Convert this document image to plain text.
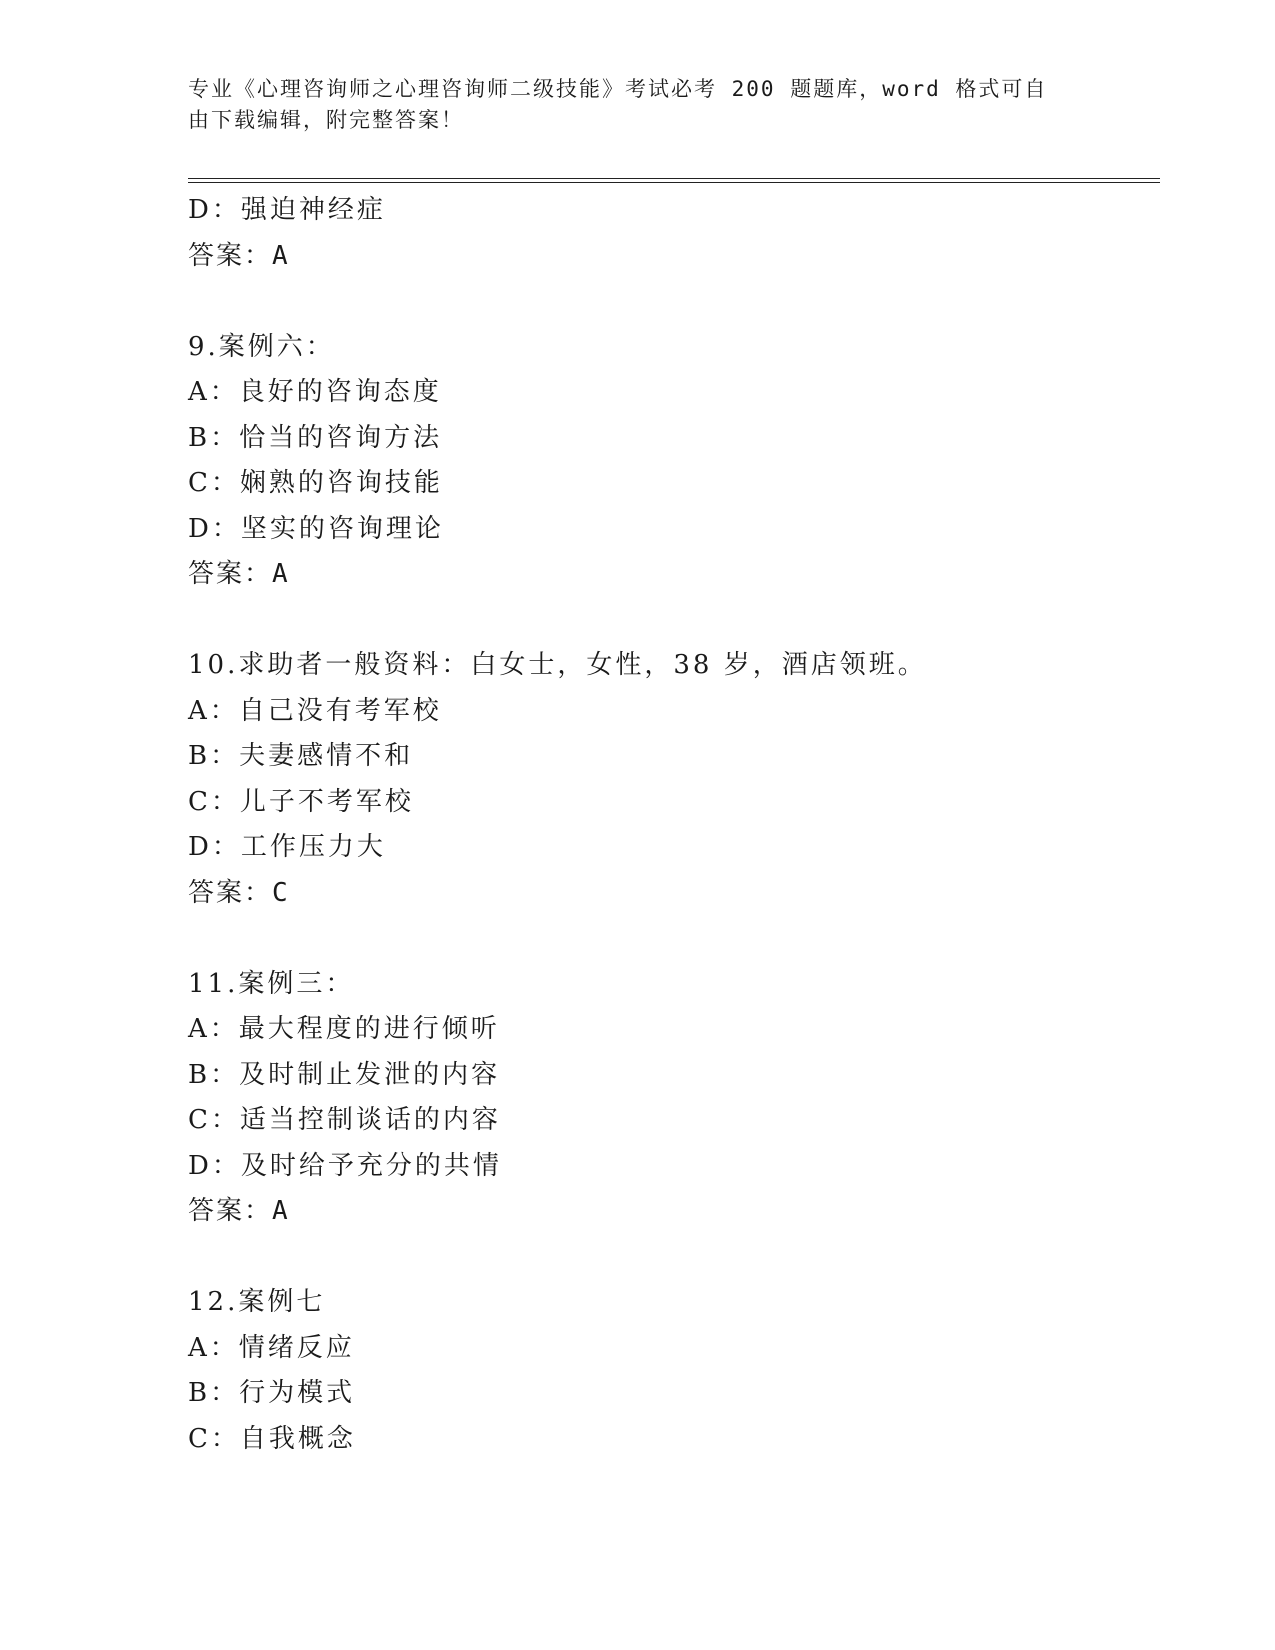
专业《心理咨询师之心理咨询师二级技能》考试必考 200 题题库，word 格式可自
由下载编辑，附完整答案！
D：强迫神经症
答案：A
9.案例六：
A：良好的咨询态度
B：恰当的咨询方法
C：娴熟的咨询技能
D：坚实的咨询理论
答案：A
10.求助者一般资料：白女士，女性，38 岁，酒店领班。
A：自己没有考军校
B：夫妻感情不和
C：儿子不考军校
D：工作压力大
答案：C
11.案例三：
A：最大程度的进行倾听
B：及时制止发泄的内容
C：适当控制谈话的内容
D：及时给予充分的共情
答案：A
12.案例七
A：情绪反应
B：行为模式
C：自我概念
